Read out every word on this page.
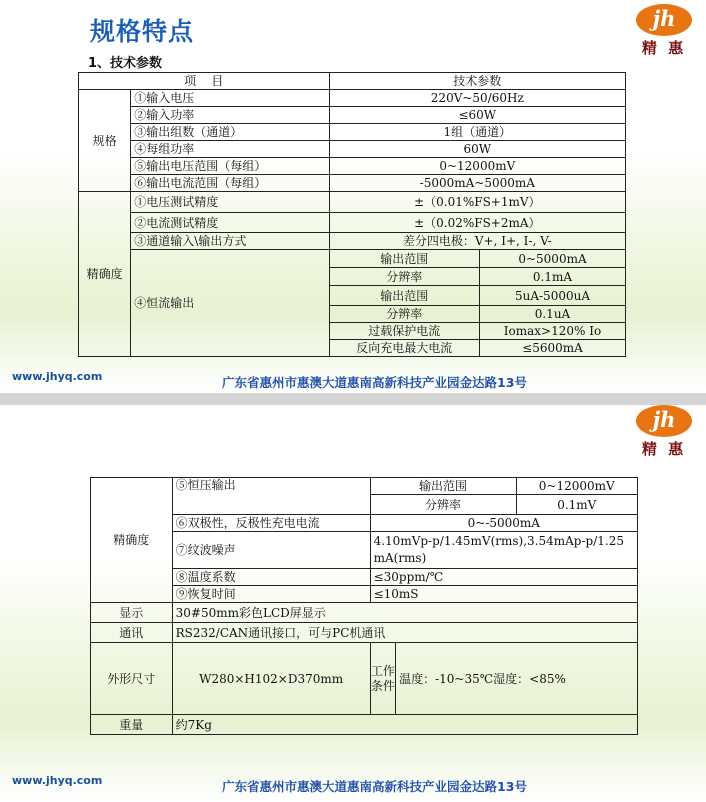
规格特点
1、技术参数
jh
精 惠
项    目		技术参数	
规格	①输入电压	220V~50/60Hz	
	②输入功率	≤60W	
	③输出组数（通道）	1组（通道）	
	④每组功率	60W	
	⑤输出电压范围（每组）	0~12000mV	
	⑥输出电流范围（每组）	-5000mA~5000mA	
精确度	①电压测试精度	±（0.01%FS+1mV）	
	②电流测试精度	±（0.02%FS+2mA）	
	③通道输入\输出方式	差分四电极：V+, I+, I-, V-	
	④恒流输出	输出范围	0~5000mA
		分辨率	0.1mA
		输出范围	5uA-5000uA
		分辨率	0.1uA
		过载保护电流	Iomax>120% Io
		反向充电最大电流	≤5600mA
www.jhyq.com	广东省惠州市惠澳大道惠南高新科技产业园金达路13号
jh
精 惠
精确度	⑤恒压输出	输出范围		0~12000mV
		分辨率		0.1mV
	⑥双极性，反极性充电电流	0~-5000mA		
	⑦纹波噪声	4.10mVp-p/1.45mV(rms),3.54mAp-p/1.25mA(rms)		
	⑧温度系数	≤30ppm/℃		
	⑨恢复时间	≤10mS		
显示	30#50mm彩色LCD屏显示			
通讯	RS232/CAN通讯接口，可与PC机通讯			
外形尺寸	W280×H102×D370mm	工作条件	温度：-10~35℃湿度：<85%	
重量	约7Kg			
www.jhyq.com	广东省惠州市惠澳大道惠南高新科技产业园金达路13号
